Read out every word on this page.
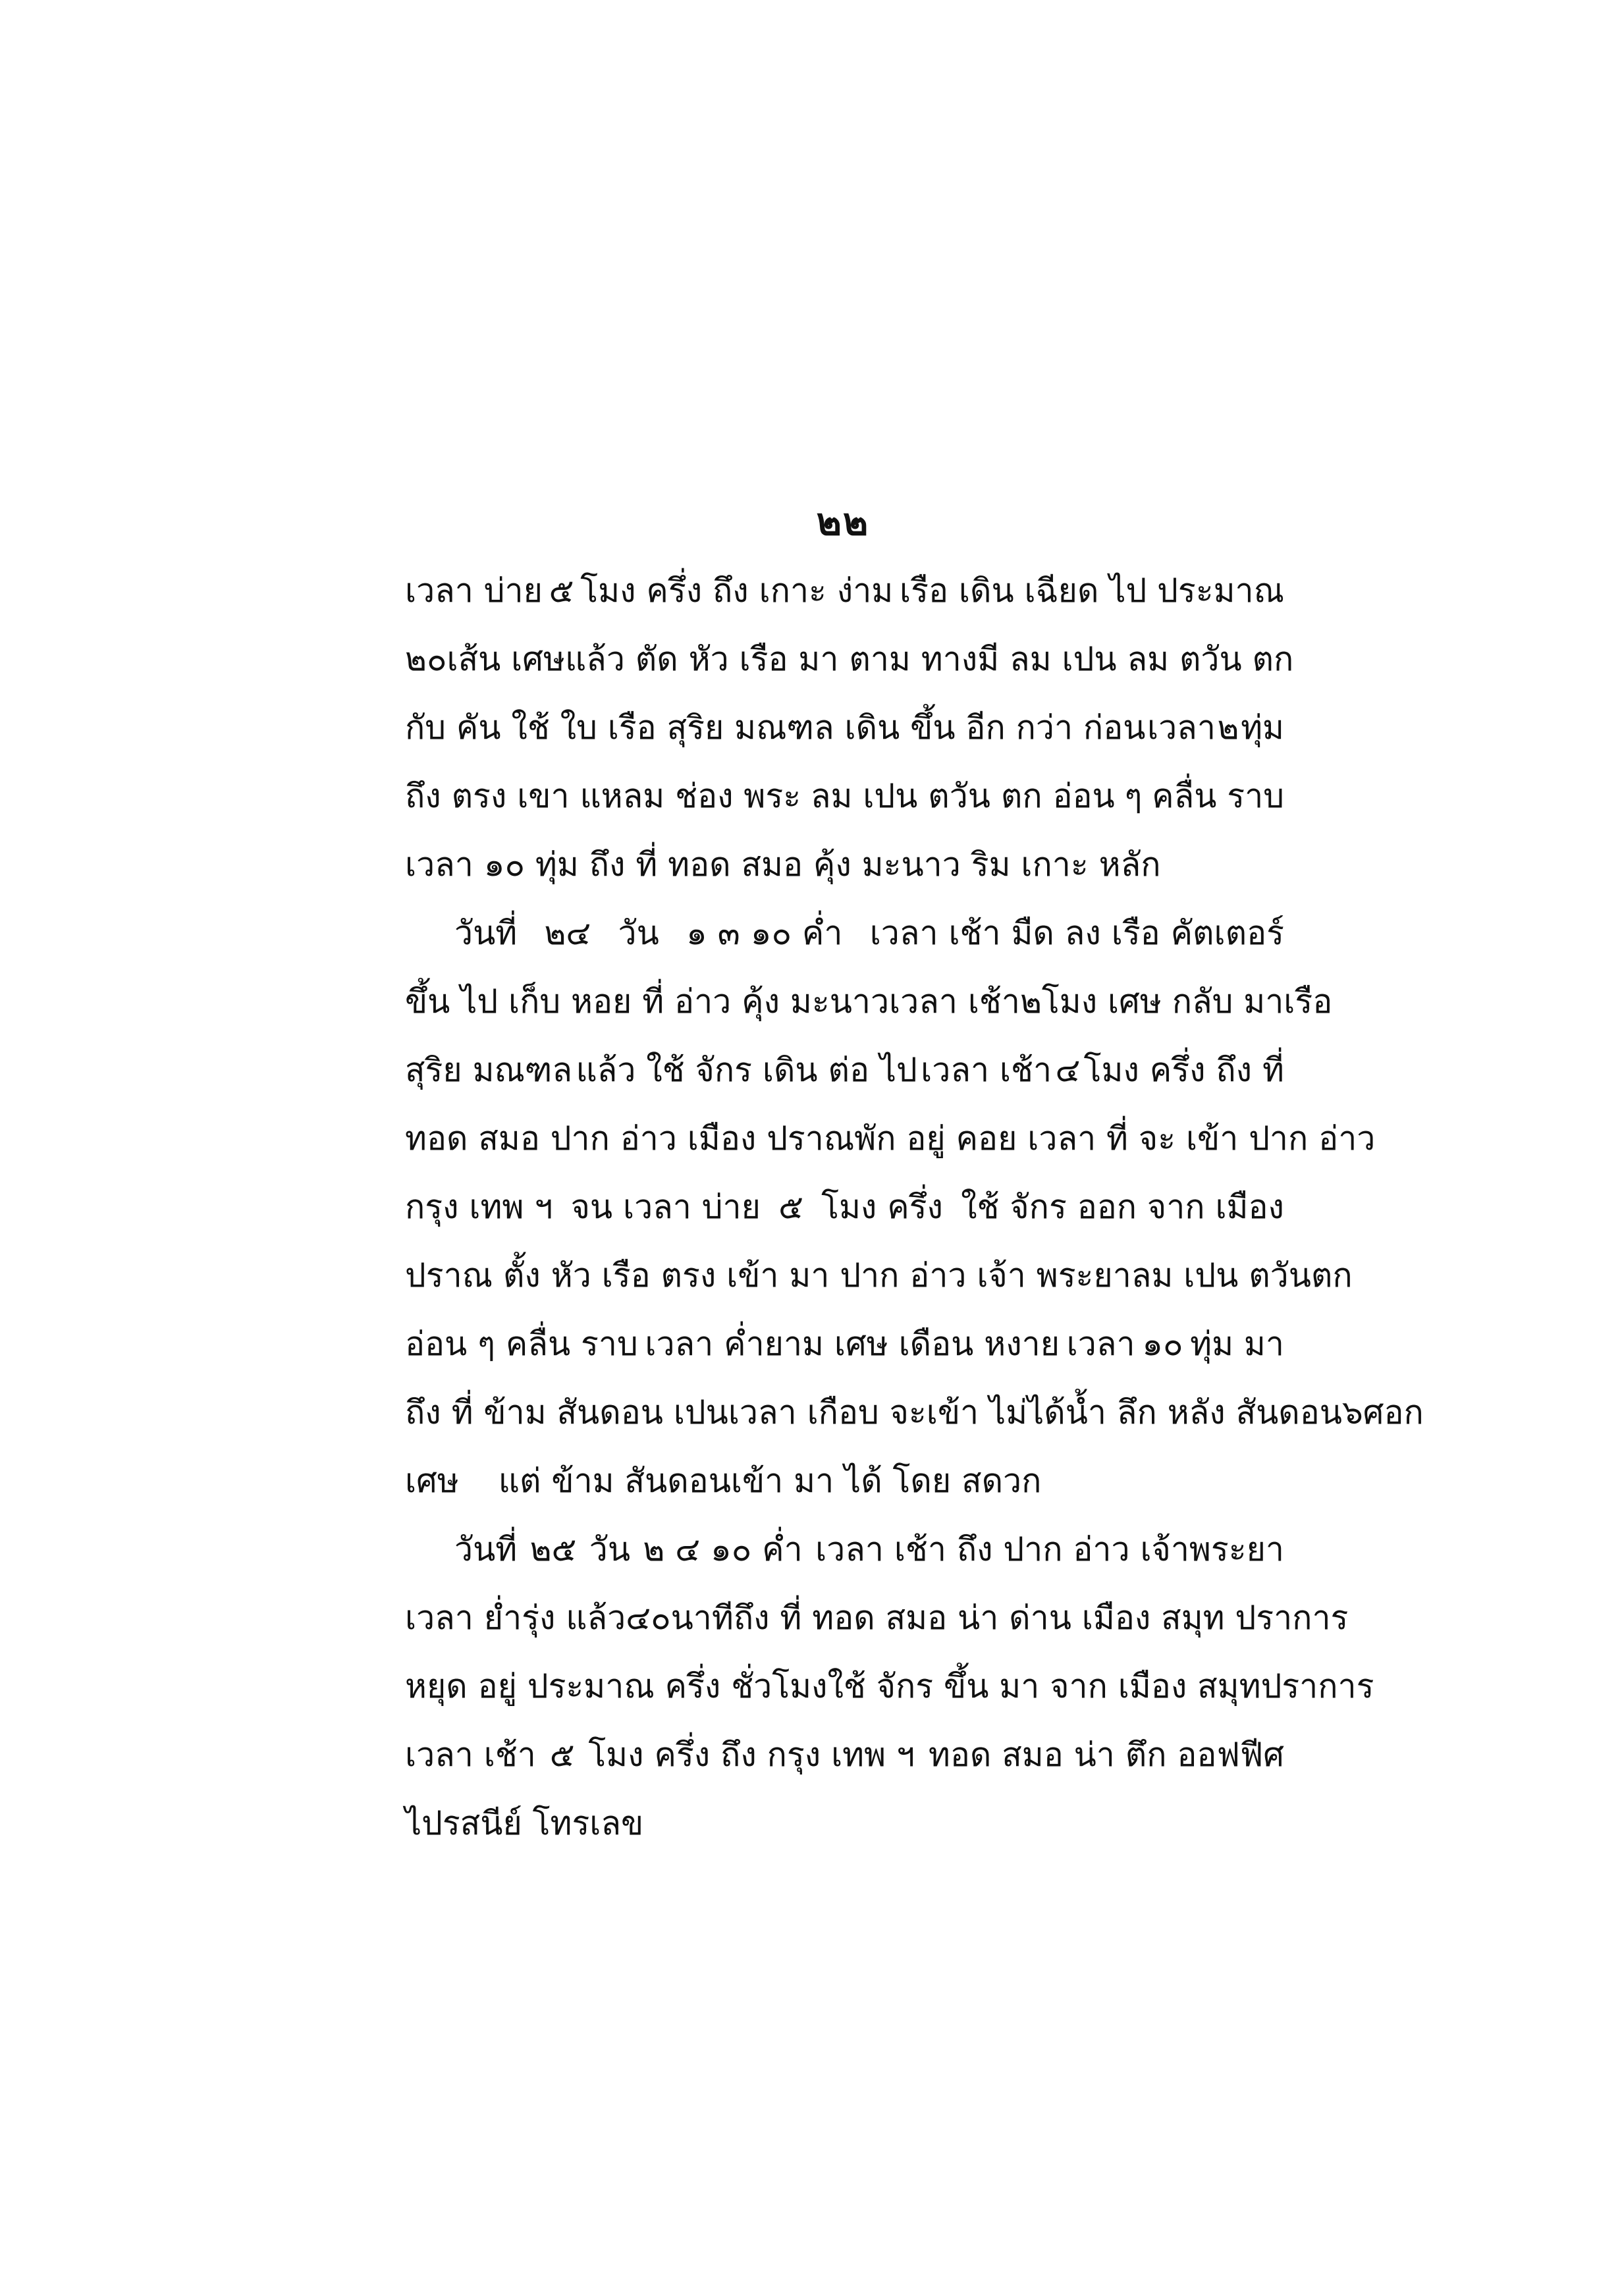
๒๒
เวลา บ่าย ๕ โมง ครึ่ง ถึง เกาะ ง่าม เรือ เดิน เฉียด ไป ประมาณ
๒๐ เส้น เศษ แล้ว ตัด หัว เรือ มา ตาม ทาง มี ลม เปน ลม ตวัน ตก
กับ คัน ใช้ ใบ เรือ สุริย มณฑล เดิน ขึ้น อีก กว่า ก่อน เวลา ๒ ทุ่ม
ถึง ตรง เขา แหลม ช่อง พระ ลม เปน ตวัน ตก อ่อน ๆ คลื่น ราบ
เวลา ๑๐ ทุ่ม ถึง ที่ ทอด สมอ คุ้ง มะนาว ริม เกาะ หลัก
วันที่ ๒๔ วัน ๑ ๓ ๑๐ ค่ำ เวลา เช้า มืด ลง เรือ คัตเตอร์
ขึ้น ไป เก็บ หอย ที่ อ่าว คุ้ง มะนาว เวลา เช้า ๒ โมง เศษ กลับ มาเรือ
สุริย มณฑล แล้ว ใช้ จักร เดิน ต่อ ไป เวลา เช้า ๔ โมง ครึ่ง ถึง ที่
ทอด สมอ ปาก อ่าว เมือง ปราณ พัก อยู่ คอย เวลา ที่ จะ เข้า ปาก อ่าว
กรุง เทพ ฯ จน เวลา บ่าย ๕ โมง ครึ่ง ใช้ จักร ออก จาก เมือง
ปราณ ตั้ง หัว เรือ ตรง เข้า มา ปาก อ่าว เจ้า พระยา ลม เปน ตวันตก
อ่อน ๆ คลื่น ราบ เวลา ค่ำยาม เศษ เดือน หงาย เวลา ๑๐ ทุ่ม มา
ถึง ที่ ข้าม สันดอน เปนเวลา เกือบ จะเข้า ไม่ได้ น้ำ ลึก หลัง สันดอน ๖ ศอก
เศษ แต่ ข้าม สันดอนเข้า มา ได้ โดย สดวก
วันที่ ๒๕ วัน ๒ ๔ ๑๐ ค่ำ เวลา เช้า ถึง ปาก อ่าว เจ้าพระยา
เวลา ย่ำรุ่ง แล้ว ๔๐ นาที ถึง ที่ ทอด สมอ น่า ด่าน เมือง สมุท ปราการ
หยุด อยู่ ประมาณ ครึ่ง ชั่วโมง ใช้ จักร ขึ้น มา จาก เมือง สมุทปราการ
เวลา เช้า ๕ โมง ครึ่ง ถึง กรุง เทพ ฯ ทอด สมอ น่า ตึก ออฟฟีศ
ไปรสนีย์ โทรเลข
